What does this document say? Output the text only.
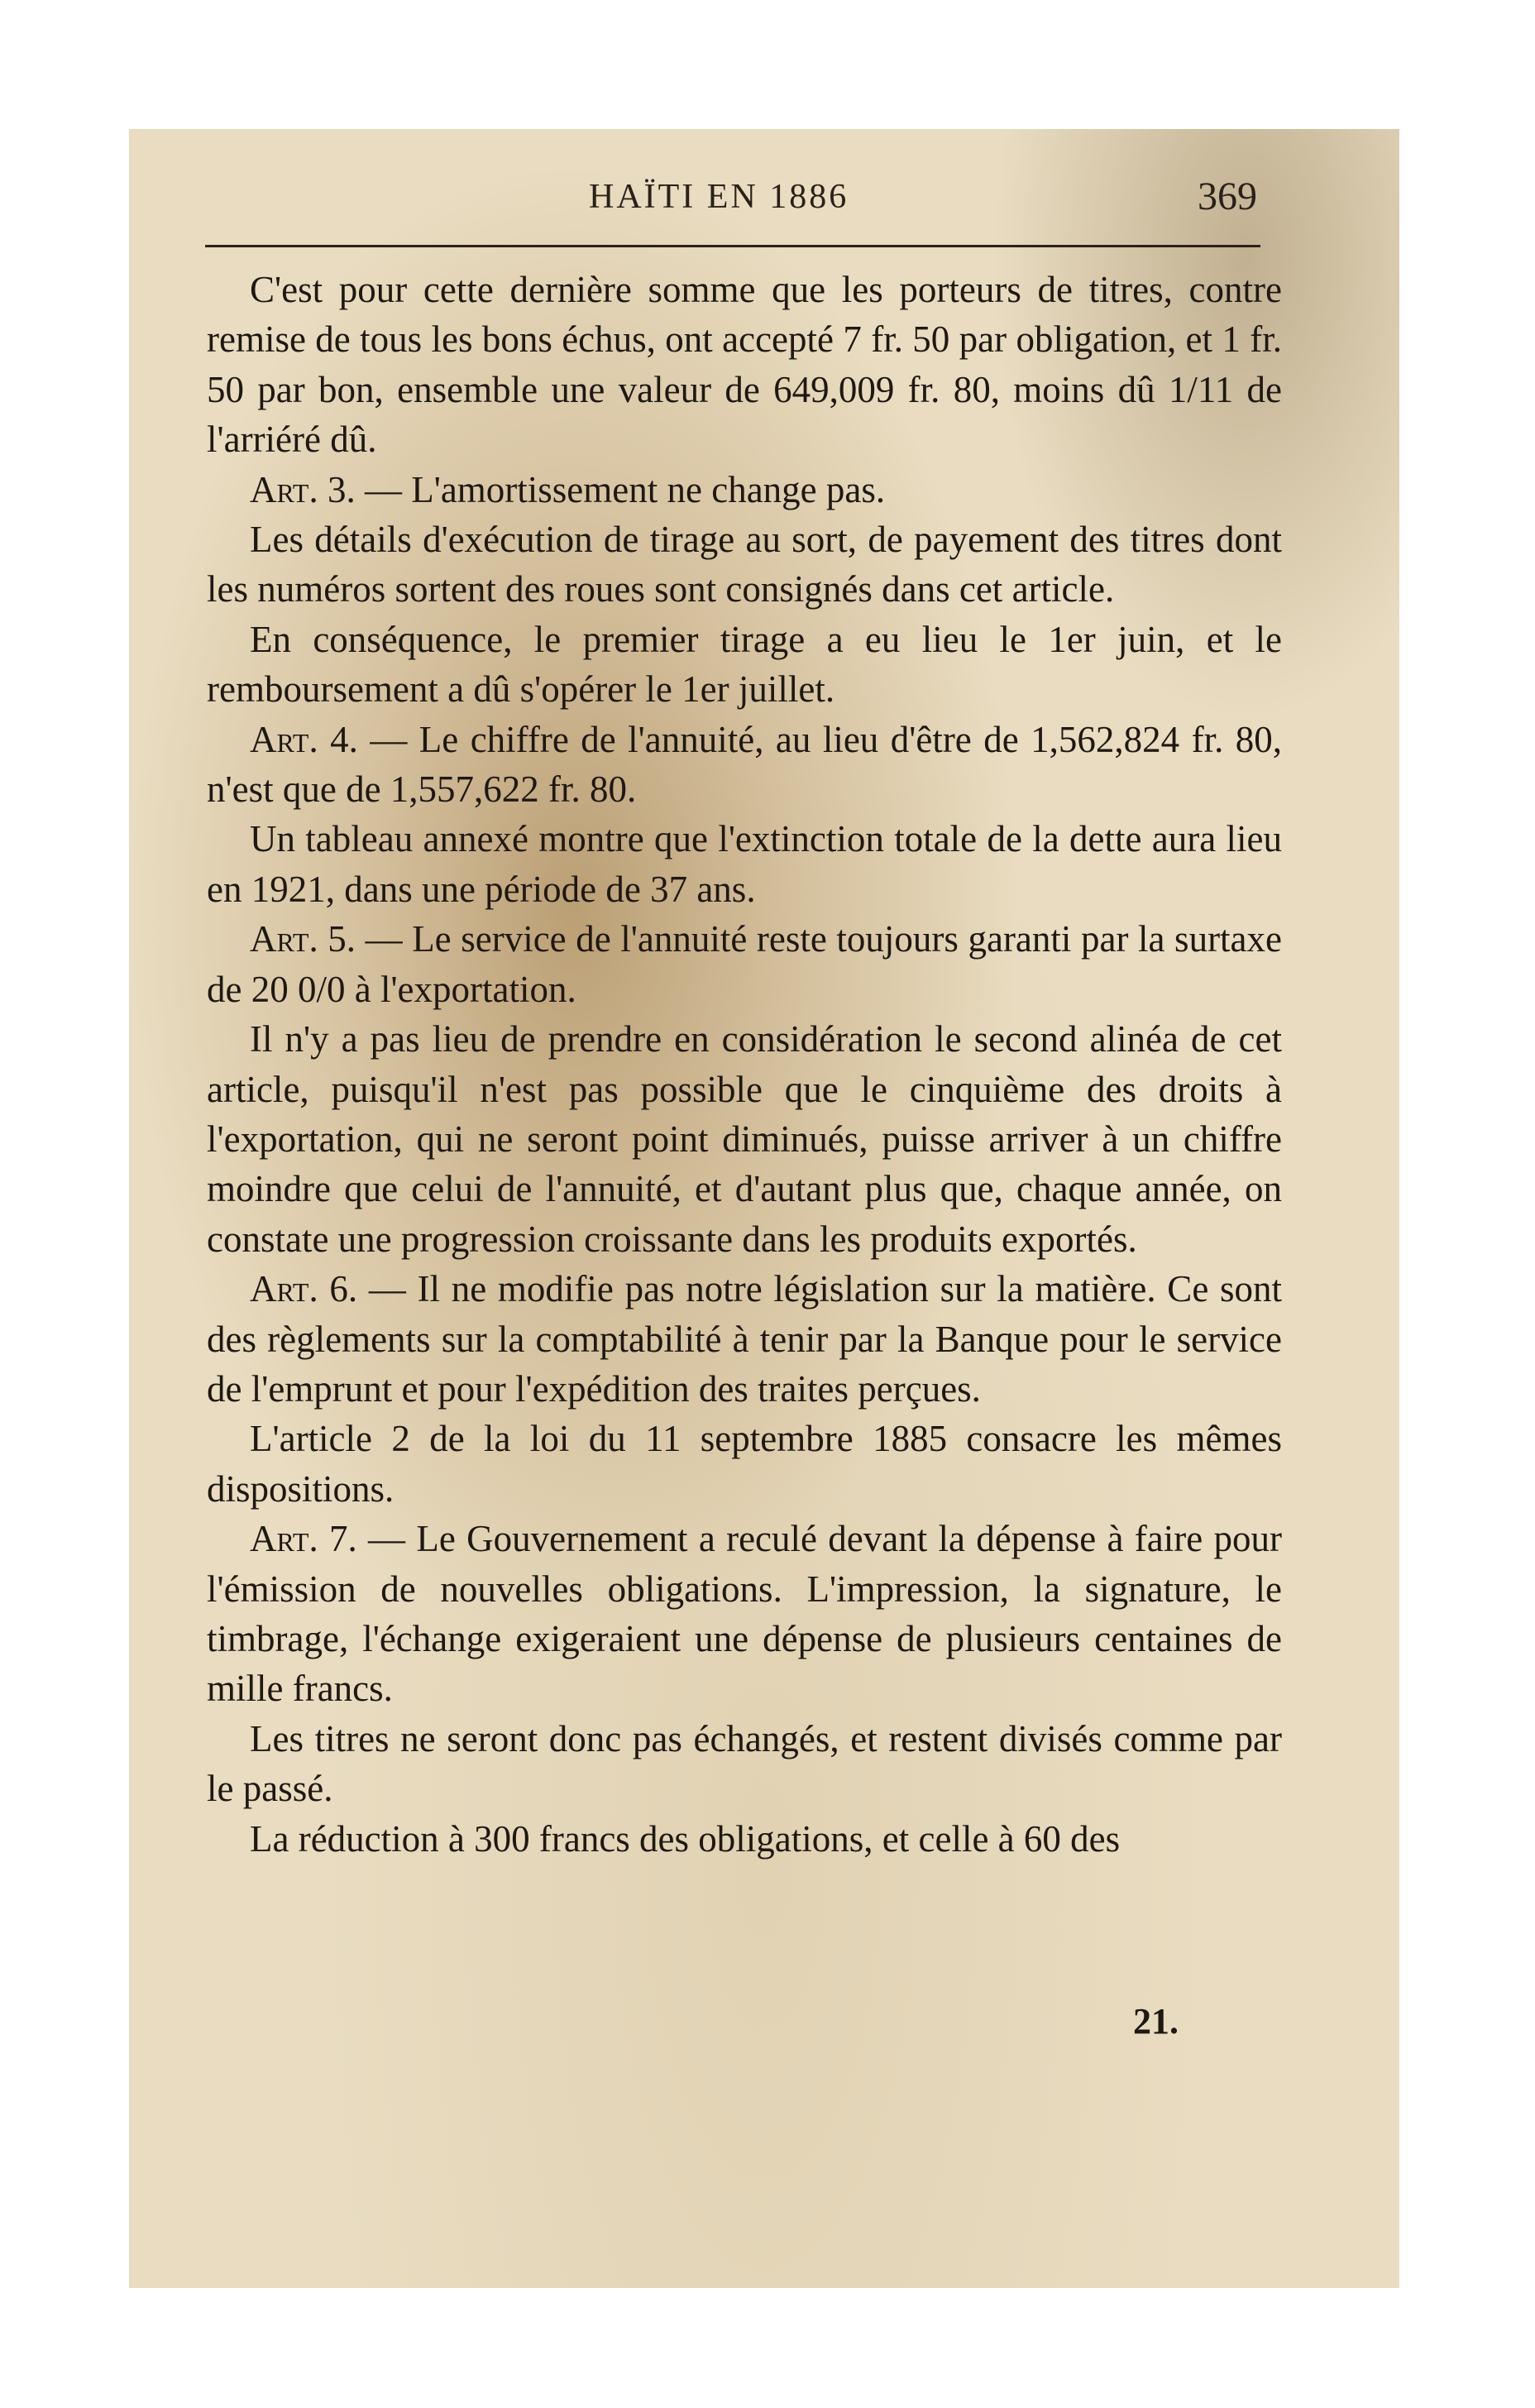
HAÏTI EN 1886	369

C'est pour cette dernière somme que les porteurs de titres, contre remise de tous les bons échus, ont accepté 7 fr. 50 par obligation, et 1 fr. 50 par bon, ensemble une valeur de 649,009 fr. 80, moins dû 1/11 de l'arriéré dû.

Art. 3. — L'amortissement ne change pas.

Les détails d'exécution de tirage au sort, de payement des titres dont les numéros sortent des roues sont consignés dans cet article.

En conséquence, le premier tirage a eu lieu le 1er juin, et le remboursement a dû s'opérer le 1er juillet.

Art. 4. — Le chiffre de l'annuité, au lieu d'être de 1,562,824 fr. 80, n'est que de 1,557,622 fr. 80.

Un tableau annexé montre que l'extinction totale de la dette aura lieu en 1921, dans une période de 37 ans.

Art. 5. — Le service de l'annuité reste toujours garanti par la surtaxe de 20 0/0 à l'exportation.

Il n'y a pas lieu de prendre en considération le second alinéa de cet article, puisqu'il n'est pas possible que le cinquième des droits à l'exportation, qui ne seront point diminués, puisse arriver à un chiffre moindre que celui de l'annuité, et d'autant plus que, chaque année, on constate une progression croissante dans les produits exportés.

Art. 6. — Il ne modifie pas notre législation sur la matière. Ce sont des règlements sur la comptabilité à tenir par la Banque pour le service de l'emprunt et pour l'expédition des traites perçues.

L'article 2 de la loi du 11 septembre 1885 consacre les mêmes dispositions.

Art. 7. — Le Gouvernement a reculé devant la dépense à faire pour l'émission de nouvelles obligations. L'impression, la signature, le timbrage, l'échange exigeraient une dépense de plusieurs centaines de mille francs.

Les titres ne seront donc pas échangés, et restent divisés comme par le passé.

La réduction à 300 francs des obligations, et celle à 60 des

21.
